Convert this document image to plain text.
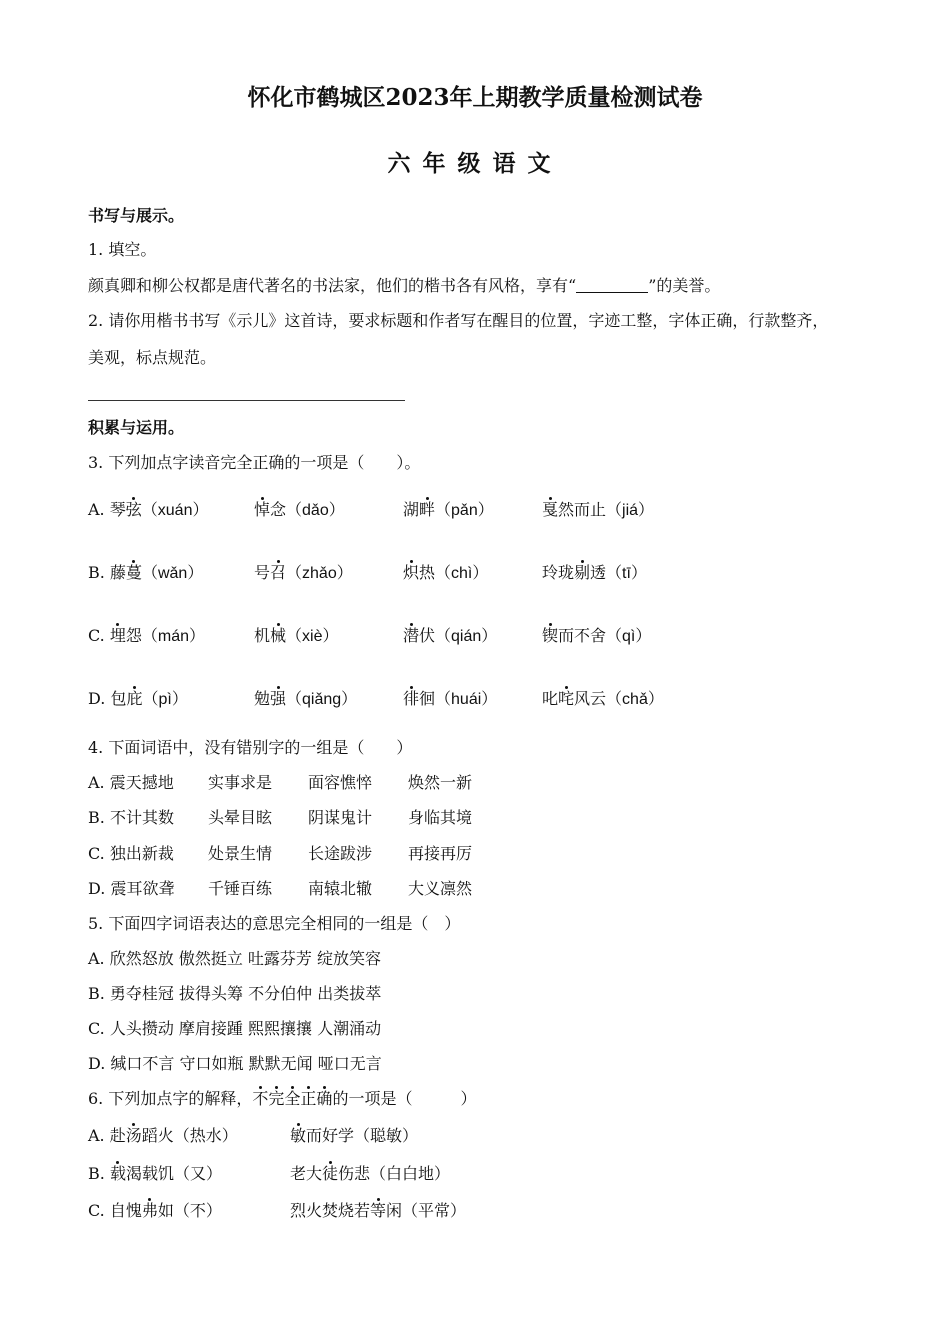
怀化市鹤城区2023年上期教学质量检测试卷
六年级语文
书写与展示。
1. 填空。
颜真卿和柳公权都是唐代著名的书法家，他们的楷书各有风格，享有“	”的美誉。
2. 请你用楷书书写《示儿》这首诗，要求标题和作者写在醒目的位置，字迹工整，字体正确，行款整齐，
美观，标点规范。
积累与运用。
3. 下列加点字读音完全正确的一项是（　　）。
A. 琴弦（xuán）	悼念（dǎo）	湖畔（pǎn）	戛然而止（jiá）
B. 藤蔓（wǎn）	号召（zhǎo）	炽热（chì）	玲珑剔透（tī）
C. 埋怨（mán）	机械（xiè）	潜伏（qián）	锲而不舍（qì）
D. 包庇（pì）	勉强（qiǎng）	徘徊（huái）	叱咤风云（chǎ）
4. 下面词语中，没有错别字的一组是（　　）
A. 震天撼地 实事求是 面容憔悴 焕然一新
B. 不计其数 头晕目眩 阴谋鬼计 身临其境
C. 独出新裁 处景生情 长途跋涉 再接再厉
D. 震耳欲聋 千锤百练 南辕北辙 大义凛然
5. 下面四字词语表达的意思完全相同的一组是（　）
A. 欣然怒放 傲然挺立 吐露芬芳 绽放笑容
B. 勇夺桂冠 拔得头筹 不分伯仲 出类拔萃
C. 人头攒动 摩肩接踵 熙熙攘攘 人潮涌动
D. 缄口不言 守口如瓶 默默无闻 哑口无言
6. 下列加点字的解释，不完全正确的一项是（　　　）
A. 赴汤蹈火（热水）	敏而好学（聪敏）
B. 载渴载饥（又）	老大徒伤悲（白白地）
C. 自愧弗如（不）	烈火焚烧若等闲（平常）
